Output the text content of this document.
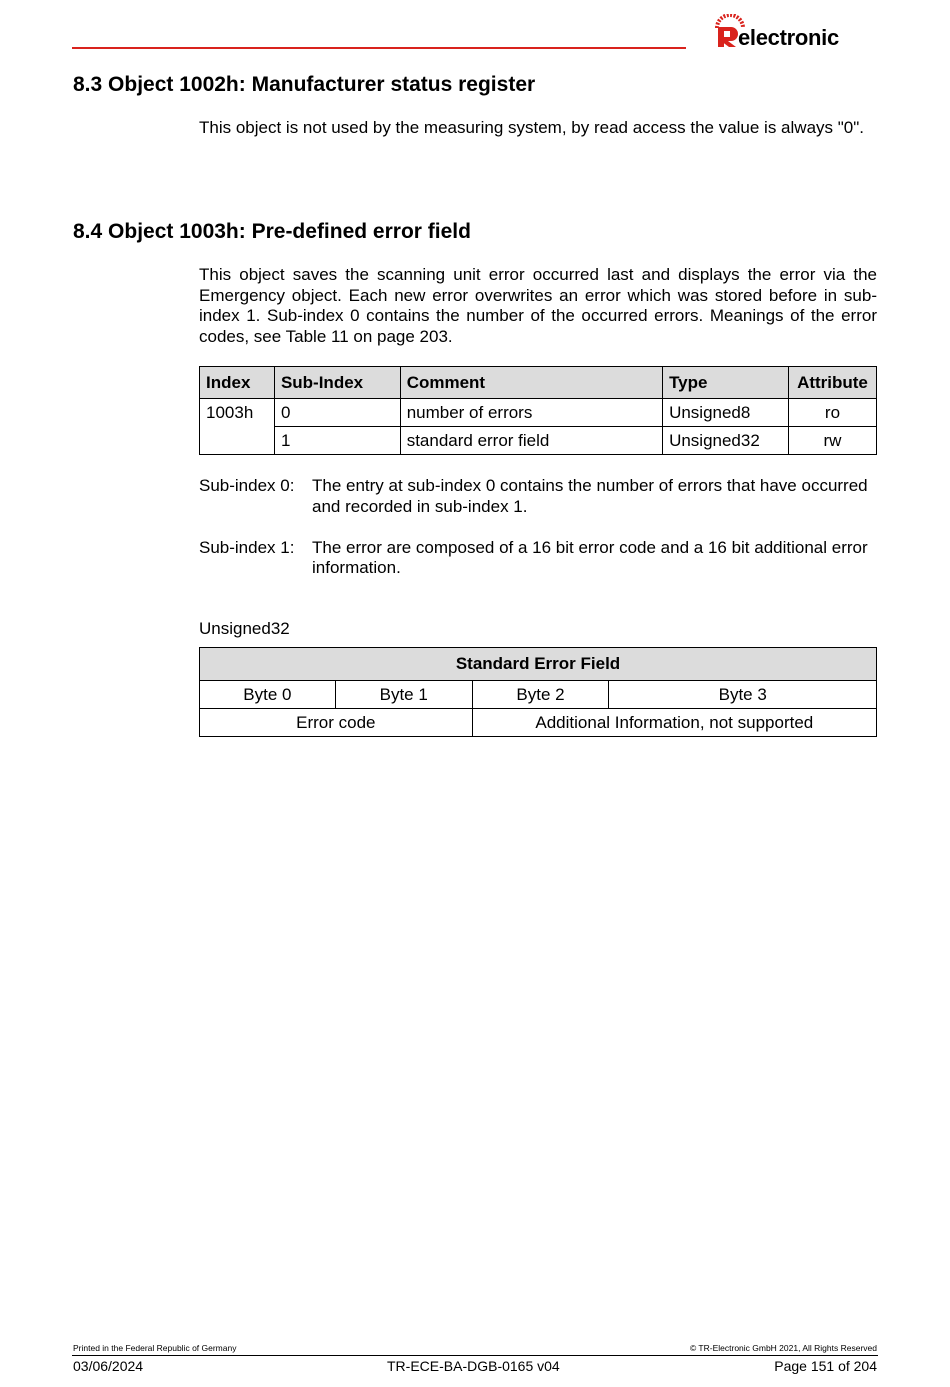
electronic
8.3 Object 1002h: Manufacturer status register

This object is not used by the measuring system, by read access the value is always "0".

8.4 Object 1003h: Pre-defined error field

This object saves the scanning unit error occurred last and displays the error via the Emergency object. Each new error overwrites an error which was stored before in sub-index 1. Sub-index 0 contains the number of the occurred errors. Meanings of the error codes, see Table 11 on page 203.

Index	Sub-Index	Comment	Type	Attribute
1003h	0	number of errors	Unsigned8	ro
	1	standard error field	Unsigned32	rw
Sub-index 0:	The entry at sub-index 0 contains the number of errors that have occurred and recorded in sub-index 1.
Sub-index 1:	The error are composed of a 16 bit error code and a 16 bit additional error information.

Unsigned32

Standard Error Field			
Byte 0	Byte 1	Byte 2	Byte 3
Error code		Additional Information, not supported	
Printed in the Federal Republic of Germany	© TR-Electronic GmbH 2021, All Rights Reserved
03/06/2024	TR-ECE-BA-DGB-0165 v04	Page 151 of 204
